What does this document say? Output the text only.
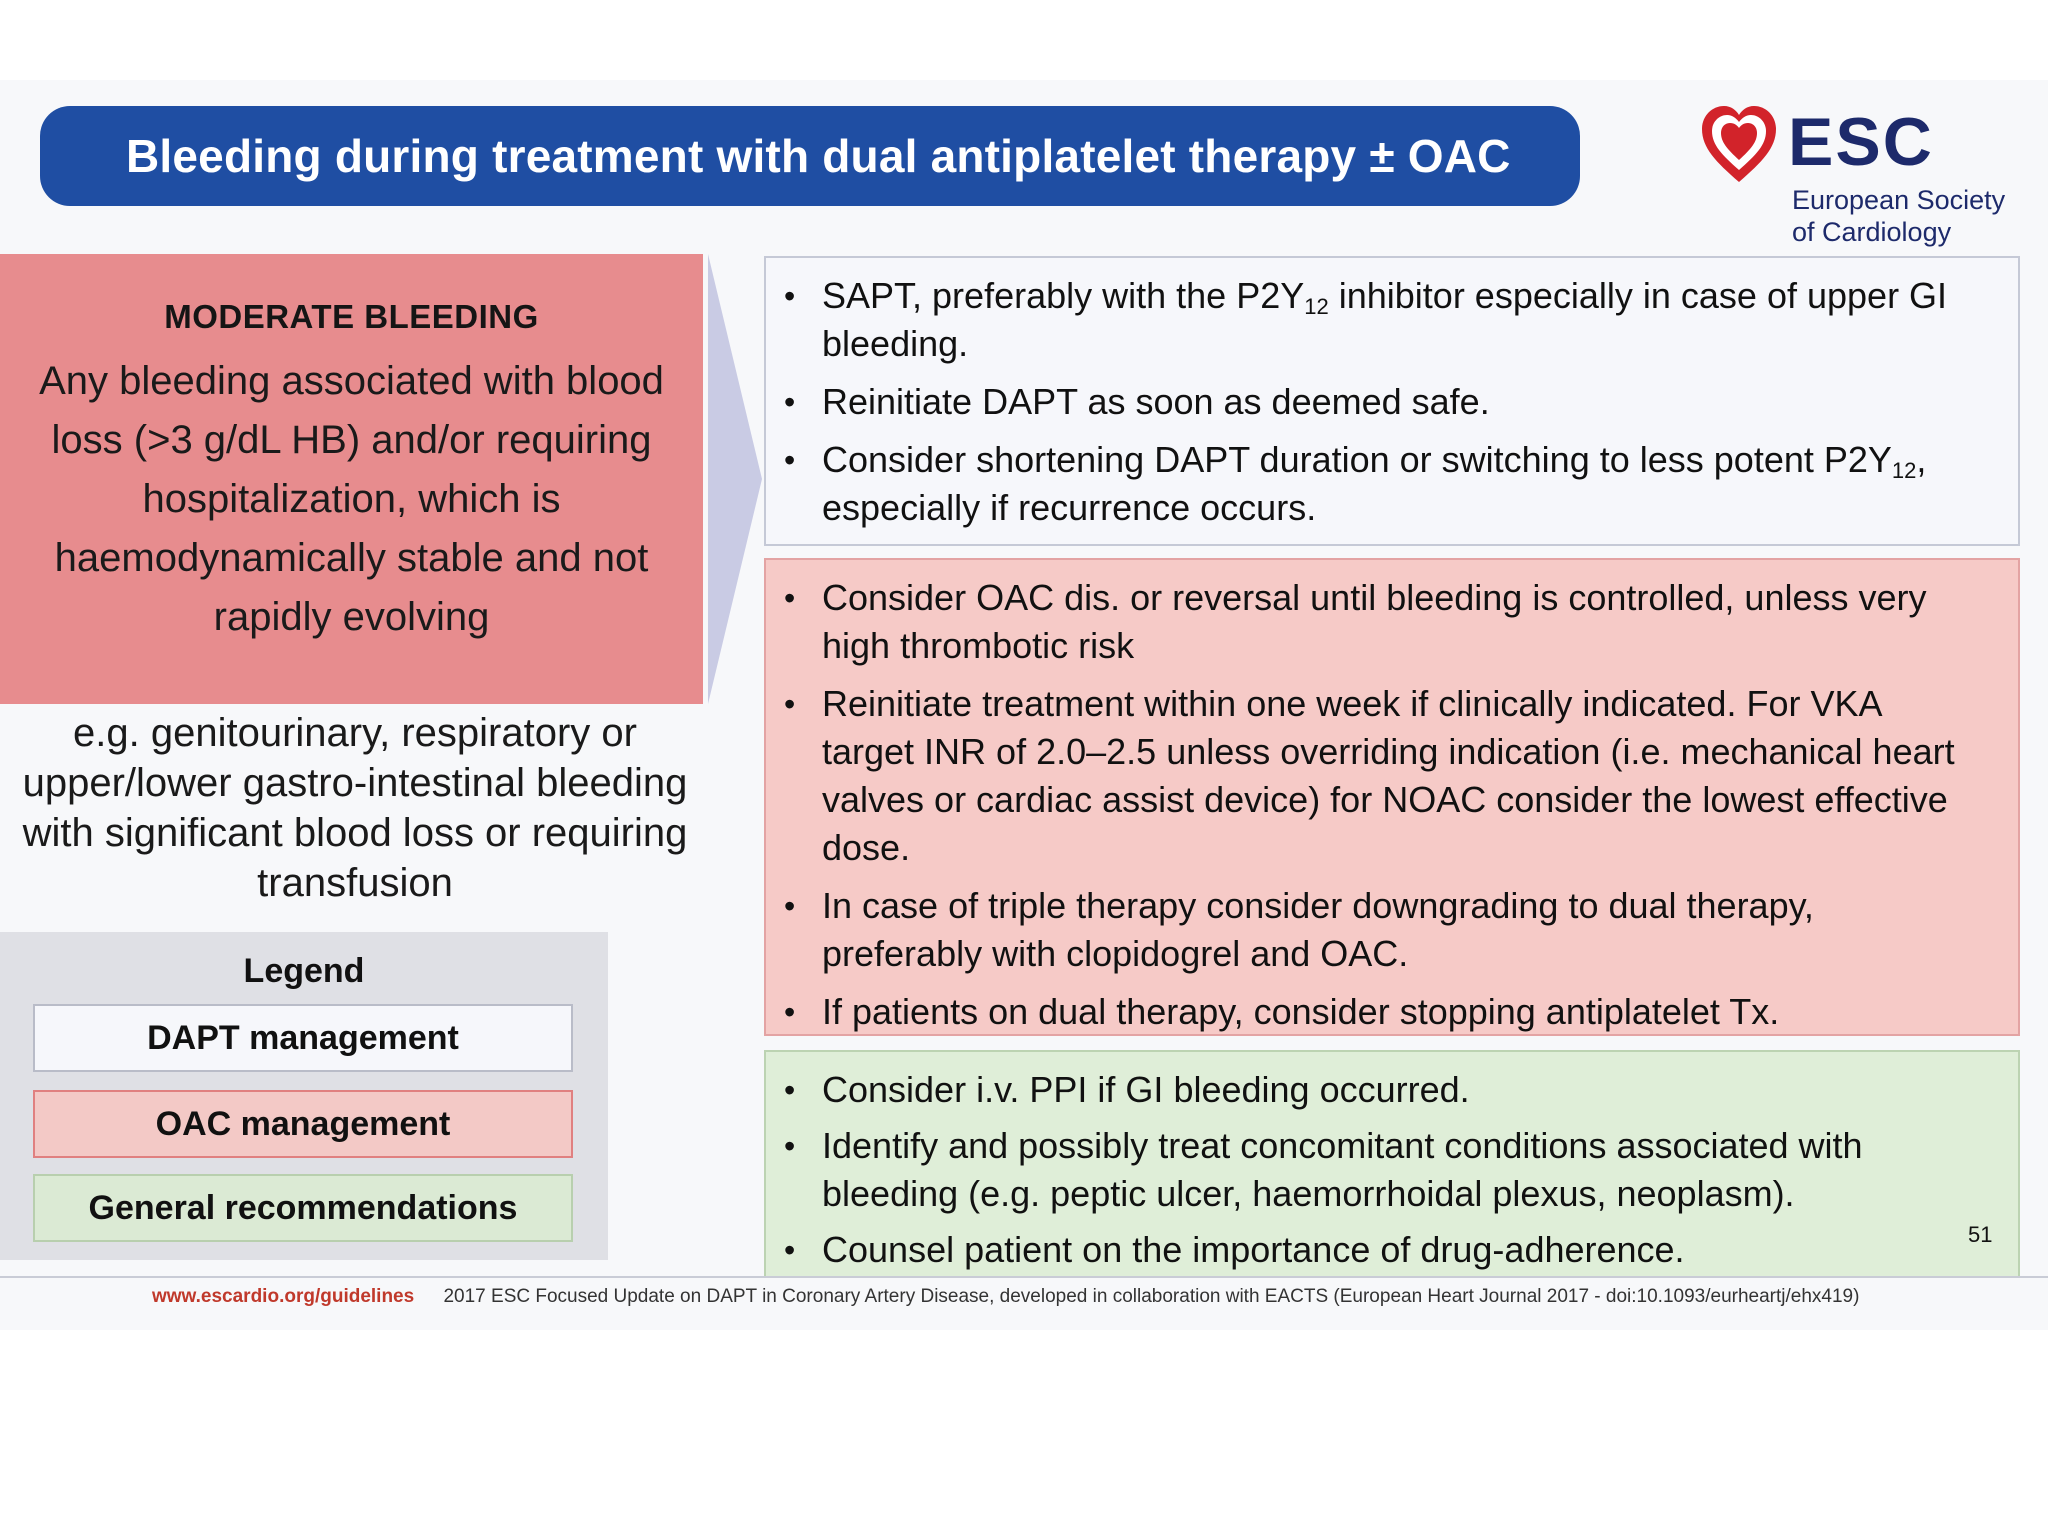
Bleeding during treatment with dual antiplatelet therapy ± OAC	ESC
European Society
of Cardiology
MODERATE BLEEDING
Any bleeding associated with blood loss (>3 g/dL HB) and/or requiring hospitalization, which is haemodynamically stable and not rapidly evolving
e.g. genitourinary, respiratory or upper/lower gastro-intestinal bleeding with significant blood loss or requiring transfusion
Legend
DAPT management
OAC management
General recommendations
• SAPT, preferably with the $P2Y_{12}$ inhibitor especially in case of upper GI bleeding.
• Reinitiate DAPT as soon as deemed safe.
• Consider shortening DAPT duration or switching to less potent $P2Y_{12}$, especially if recurrence occurs.
• Consider OAC dis. or reversal until bleeding is controlled, unless very high thrombotic risk
• Reinitiate treatment within one week if clinically indicated. For VKA target INR of 2.0–2.5 unless overriding indication (i.e. mechanical heart valves or cardiac assist device) for NOAC consider the lowest effective dose.
• In case of triple therapy consider downgrading to dual therapy, preferably with clopidogrel and OAC.
• If patients on dual therapy, consider stopping antiplatelet Tx.
• Consider i.v. PPI if GI bleeding occurred.
• Identify and possibly treat concomitant conditions associated with bleeding (e.g. peptic ulcer, haemorrhoidal plexus, neoplasm).
• Counsel patient on the importance of drug-adherence.	51
www.escardio.org/guidelines 2017 ESC Focused Update on DAPT in Coronary Artery Disease, developed in collaboration with EACTS (European Heart Journal 2017 - doi:10.1093/eurheartj/ehx419)
